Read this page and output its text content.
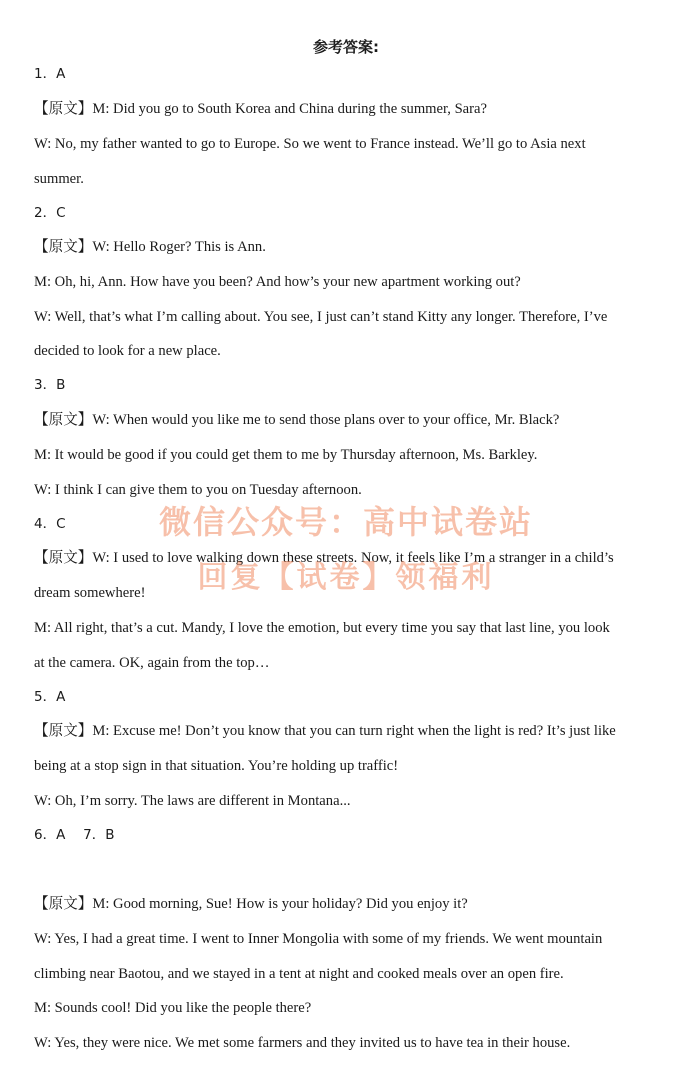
参考答案:
1．A
【原文】M: Did you go to South Korea and China during the summer, Sara?
W: No, my father wanted to go to Europe. So we went to France instead. We’ll go to Asia next
summer.
2．C
【原文】W: Hello Roger? This is Ann.
M: Oh, hi, Ann. How have you been? And how’s your new apartment working out?
W: Well, that’s what I’m calling about. You see, I just can’t stand Kitty any longer. Therefore, I’ve
decided to look for a new place.
3．B
【原文】W: When would you like me to send those plans over to your office, Mr. Black?
M: It would be good if you could get them to me by Thursday afternoon, Ms. Barkley.
W: I think I can give them to you on Tuesday afternoon.
4．C
【原文】W: I used to love walking down these streets. Now, it feels like I’m a stranger in a child’s
dream somewhere!
M: All right, that’s a cut. Mandy, I love the emotion, but every time you say that last line, you look
at the camera. OK, again from the top…
5．A
【原文】M: Excuse me! Don’t you know that you can turn right when the light is red? It’s just like
being at a stop sign in that situation. You’re holding up traffic!
W: Oh, I’m sorry. The laws are different in Montana...
6．A　 7．B
【原文】M: Good morning, Sue! How is your holiday? Did you enjoy it?
W: Yes, I had a great time. I went to Inner Mongolia with some of my friends. We went mountain
climbing near Baotou, and we stayed in a tent at night and cooked meals over an open fire.
M: Sounds cool! Did you like the people there?
W: Yes, they were nice. We met some farmers and they invited us to have tea in their house.
微信公众号：高中试卷站
回复【试卷】领福利
